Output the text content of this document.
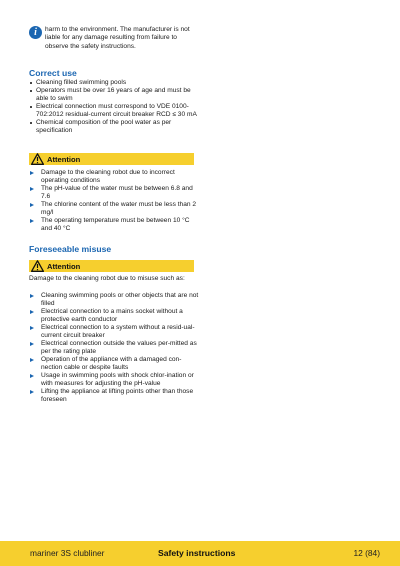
i	harm to the environment. The manufacturer is not liable for any damage resulting from failure to observe the safety instructions.
Correct use
Cleaning filled swimming pools
Operators must be over 16 years of age and must be able to swim
Electrical connection must correspond to VDE 0100-702:2012 residual-current circuit breaker RCD ≤ 30 mA
Chemical composition of the pool water as per specification
Attention
Damage to the cleaning robot due to incorrect operating conditions
The pH-value of the water must be between 6.8 and 7.6
The chlorine content of the water must be less than 2 mg/l
The operating temperature must be between 10 °C and 40 °C
Foreseeable misuse
Attention
Damage to the cleaning robot due to misuse such as:
Cleaning swimming pools or other objects that are not filled
Electrical connection to a mains socket without a protective earth conductor
Electrical connection to a system without a resid-ual-current circuit breaker
Electrical connection outside the values per-mitted as per the rating plate
Operation of the appliance with a damaged con-nection cable or despite faults
Usage in swimming pools with shock chlor-ination or with measures for adjusting the pH-value
Lifting the appliance at lifting points other than those foreseen
mariner 3S clubliner	Safety instructions	12 (84)
